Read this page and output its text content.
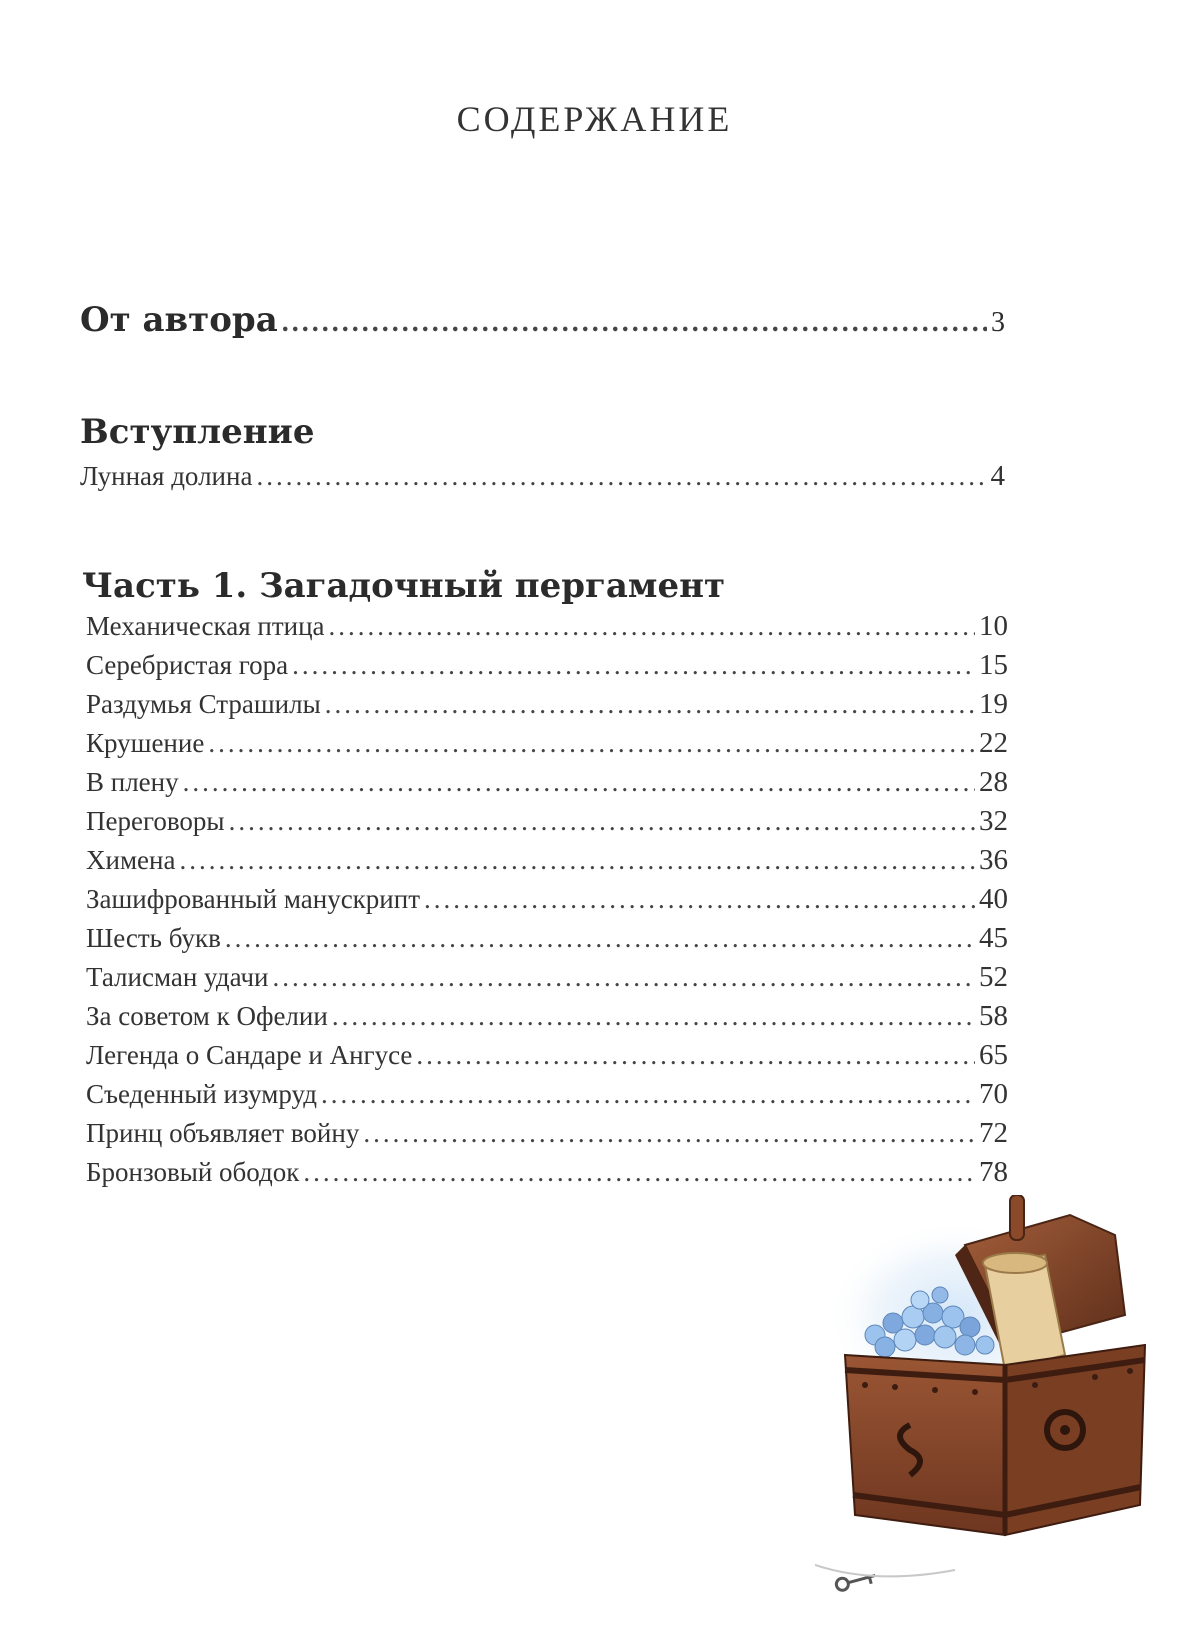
СОДЕРЖАНИЕ
От автора .....	3
Вступление
Лунная долина .....	4
Часть 1. Загадочный пергамент
Механическая птица .....	10
Серебристая гора .....	15
Раздумья Страшилы .....	19
Крушение .....	22
В плену .....	28
Переговоры .....	32
Химена .....	36
Зашифрованный манускрипт .....	40
Шесть букв .....	45
Талисман удачи .....	52
За советом к Офелии .....	58
Легенда о Сандаре и Ангусе .....	65
Съеденный изумруд .....	70
Принц объявляет войну .....	72
Бронзовый ободок .....	78
